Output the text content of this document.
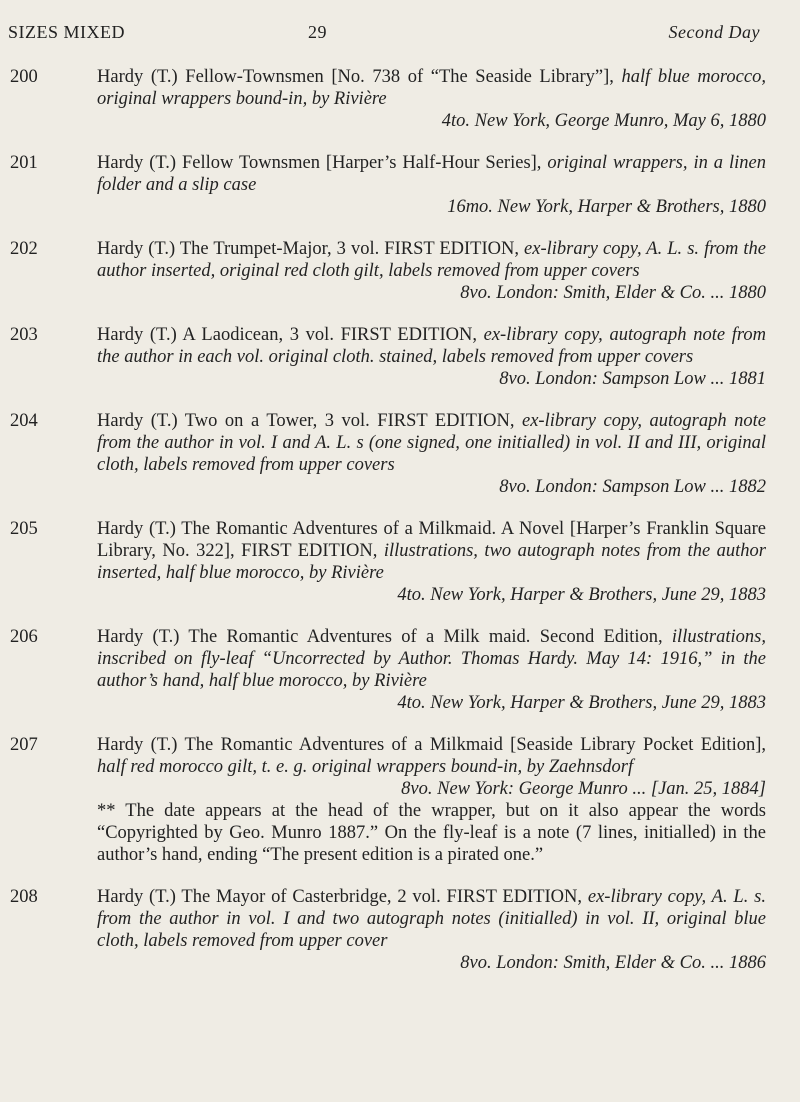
SIZES MIXED	29	Second Day
200	Hardy (T.) Fellow-Townsmen [No. 738 of “The Seaside Library”], half blue morocco, original wrappers bound-in, by Rivière
4to. New York, George Munro, May 6, 1880
201	Hardy (T.) Fellow Townsmen [Harper’s Half-Hour Series], original wrappers, in a linen folder and a slip case
16mo. New York, Harper & Brothers, 1880
202	Hardy (T.) The Trumpet-Major, 3 vol. FIRST EDITION, ex-library copy, A. L. s. from the author inserted, original red cloth gilt, labels removed from upper covers
8vo. London: Smith, Elder & Co. ... 1880
203	Hardy (T.) A Laodicean, 3 vol. FIRST EDITION, ex-library copy, autograph note from the author in each vol. original cloth. stained, labels removed from upper covers
8vo. London: Sampson Low ... 1881
204	Hardy (T.) Two on a Tower, 3 vol. FIRST EDITION, ex-library copy, autograph note from the author in vol. I and A. L. s (one signed, one initialled) in vol. II and III, original cloth, labels removed from upper covers
8vo. London: Sampson Low ... 1882
205	Hardy (T.) The Romantic Adventures of a Milkmaid. A Novel [Harper’s Franklin Square Library, No. 322], FIRST EDITION, illustrations, two autograph notes from the author inserted, half blue morocco, by Rivière
4to. New York, Harper & Brothers, June 29, 1883
206	Hardy (T.) The Romantic Adventures of a Milk maid. Second Edition, illustrations, inscribed on fly-leaf “Uncorrected by Author. Thomas Hardy. May 14: 1916,” in the author’s hand, half blue morocco, by Rivière
4to. New York, Harper & Brothers, June 29, 1883
207	Hardy (T.) The Romantic Adventures of a Milkmaid [Seaside Library Pocket Edition], half red morocco gilt, t. e. g. original wrappers bound-in, by Zaehnsdorf
8vo. New York: George Munro ... [Jan. 25, 1884]
** The date appears at the head of the wrapper, but on it also appear the words “Copyrighted by Geo. Munro 1887.” On the fly-leaf is a note (7 lines, initialled) in the author’s hand, ending “The present edition is a pirated one.”
208	Hardy (T.) The Mayor of Casterbridge, 2 vol. FIRST EDITION, ex-library copy, A. L. s. from the author in vol. I and two autograph notes (initialled) in vol. II, original blue cloth, labels removed from upper cover
8vo. London: Smith, Elder & Co. ... 1886
